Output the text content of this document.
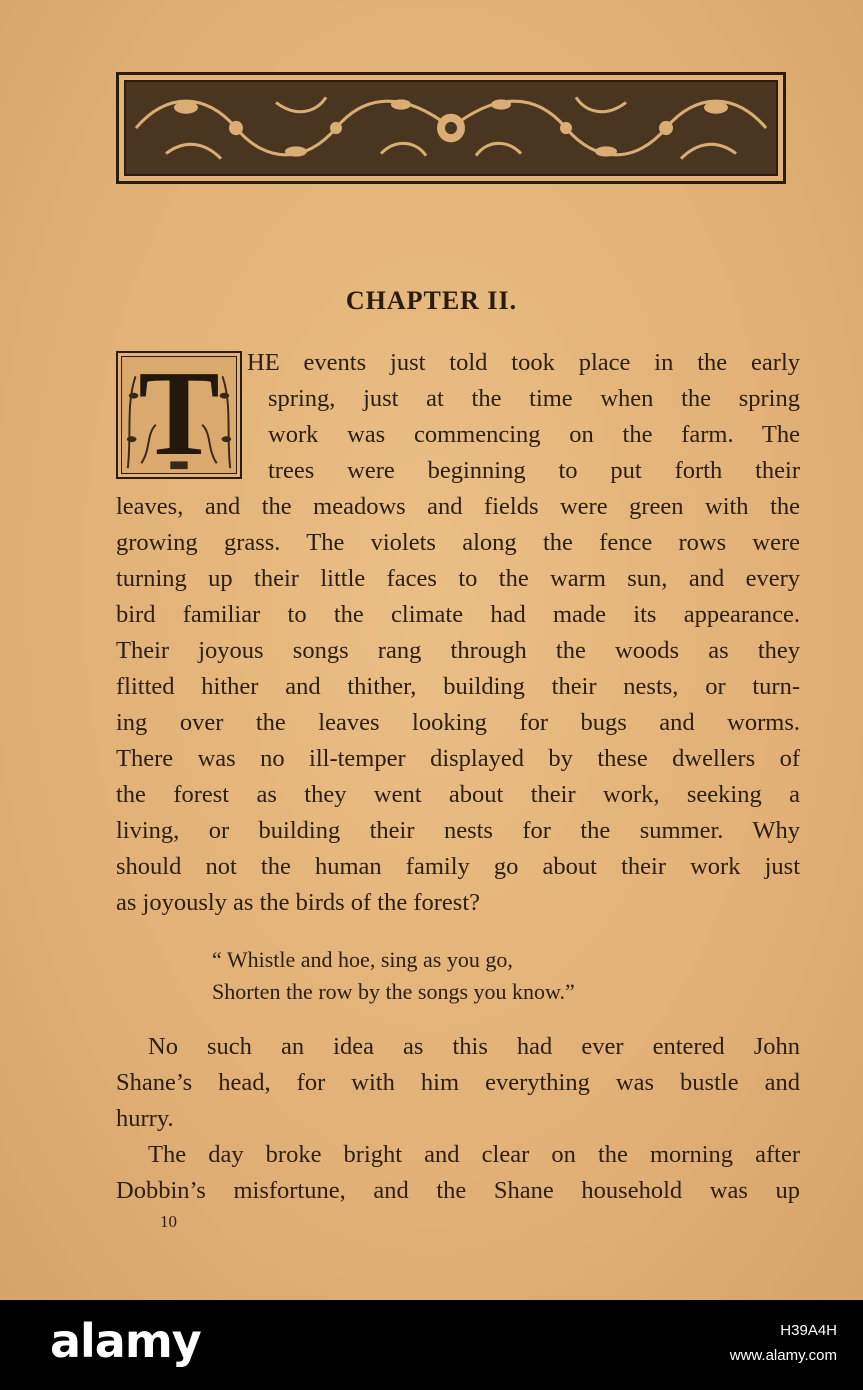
CHAPTER II.
T	HE events just told took place in the early
spring, just at the time when the spring
work was commencing on the farm. The
trees were beginning to put forth their
leaves, and the meadows and fields were green with the
growing grass. The violets along the fence rows were
turning up their little faces to the warm sun, and every
bird familiar to the climate had made its appearance.
Their joyous songs rang through the woods as they
flitted hither and thither, building their nests, or turn-
ing over the leaves looking for bugs and worms.
There was no ill-temper displayed by these dwellers of
the forest as they went about their work, seeking a
living, or building their nests for the summer. Why
should not the human family go about their work just
as joyously as the birds of the forest?
“ Whistle and hoe, sing as you go,
Shorten the row by the songs you know.”
No such an idea as this had ever entered John
Shane’s head, for with him everything was bustle and
hurry.
The day broke bright and clear on the morning after
Dobbin’s misfortune, and the Shane household was up
10
alamy	H39A4H
www.alamy.com
